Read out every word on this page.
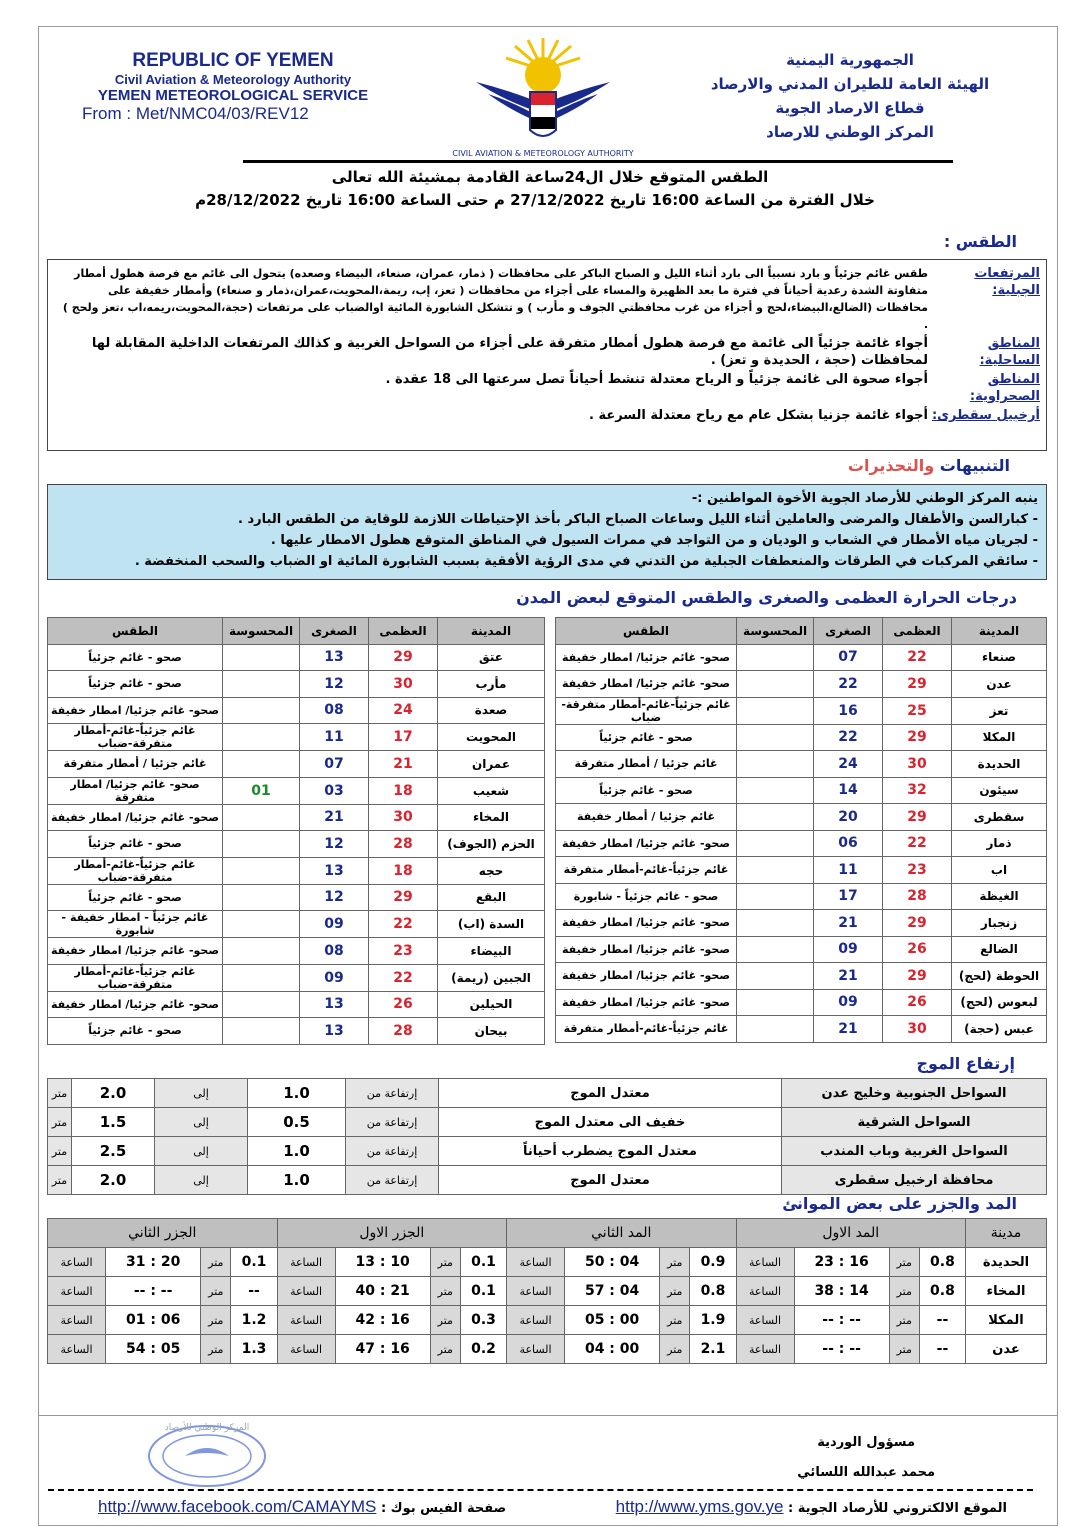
REPUBLIC OF YEMEN
Civil Aviation & Meteorology Authority
YEMEN METEOROLOGICAL SERVICE
From : Met/NMC04/03/REV12
CIVIL AVIATION & METEOROLOGY AUTHORITY
الجمهورية اليمنية
الهيئة العامة للطيران المدني والارصاد
قطاع الارصاد الجوية
المركز الوطني للارصاد
الطقس المتوقع خلال ال24ساعة القادمة بمشيئة الله تعالى
خلال الفترة من الساعة 16:00 تاريخ 27/12/2022 م حتى الساعة 16:00 تاريخ 28/12/2022م
الطقس :
المرتفعات الجبلية:
طقس غائم جزئياً و بارد نسبياً الى بارد أثناء الليل و الصباح الباكر على محافظات ( ذمار، عمران، صنعاء، البيضاء وصعده) يتحول الى غائم مع فرصة هطول أمطار متفاوتة الشدة رعدية أحياناً في فترة ما بعد الظهيرة والمساء على أجزاء من محافظات ( تعز، إب، ريمة،المحويت،عمران،ذمار و صنعاء) وأمطار خفيفة على محافظات (الضالع،البيضاء،لحج و أجزاء من غرب محافظتي الجوف و مأرب ) و تتشكل الشابورة المائية اوالضباب على مرتفعات (حجة،المحويت،ريمه،اب ،تعز ولحج ) .
المناطق الساحلية:
أجواء غائمة جزئياً الى غائمة مع فرصة هطول أمطار متفرقة على أجزاء من السواحل الغربية و كذالك المرتفعات الداخلية المقابلة لها لمحافظات (حجة ، الحديدة و تعز) .
المناطق الصحراوية:
أجواء صحوة الى غائمة جزئياً و الرياح معتدلة تنشط أحياناً تصل سرعتها الى 18 عقدة .
أرخبيل سقطرى:
أجواء غائمة جزنيا بشكل عام مع رياح معتدلة السرعة .
التنبيهات والتحذيرات
ينبه المركز الوطني للأرصاد الجوية الأخوة المواطنين :-
- كبارالسن والأطفال والمرضى والعاملين أثناء الليل وساعات الصباح الباكر بأخذ الإحتياطات اللازمة للوقاية من الطقس البارد .
- لجريان مياه الأمطار في الشعاب و الوديان و من التواجد في ممرات السيول في المناطق المتوقع هطول الامطار عليها .
- سائقي المركبات في الطرقات والمنعطفات الجبلية من التدني في مدى الرؤية الأفقية بسبب الشابورة المائية او الضباب والسحب المنخفضة .
درجات الحرارة العظمى والصغرى والطقس المتوقع لبعض المدن
المدينة	العظمى	الصغرى	المحسوسة	الطقس
صنعاء	22	07		صحو- غائم جزئيا/ امطار خفيفة
عدن	29	22		صحو- غائم جزئيا/ امطار خفيفة
تعز	25	16		غائم جزئياً-غائم-أمطار متفرقة-ضباب
المكلا	29	22		صحو - غائم جزئياً
الحديدة	30	24		غائم جزئيا / أمطار متفرقة
سيئون	32	14		صحو - غائم جزئياً
سقطرى	29	20		غائم جزئيا / أمطار خفيفة
ذمار	22	06		صحو- غائم جزئيا/ امطار خفيفة
اب	23	11		غائم جزئياً-غائم-أمطار متفرقة
الغيظة	28	17		صحو - غائم جزئياً - شابورة
زنجبار	29	21		صحو- غائم جزئيا/ امطار خفيفة
الضالع	26	09		صحو- غائم جزئيا/ امطار خفيفة
الحوطة (لحج)	29	21		صحو- غائم جزئيا/ امطار خفيفة
لبعوس (لحج)	26	09		صحو- غائم جزئيا/ امطار خفيفة
عبس (حجة)	30	21		غائم جزئياً-غائم-أمطار متفرقة
المدينة	العظمى	الصغرى	المحسوسة	الطقس
عتق	29	13		صحو - غائم جزئياً
مأرب	30	12		صحو - غائم جزئياً
صعدة	24	08		صحو- غائم جزئيا/ امطار خفيفة
المحويت	17	11		غائم جزئياً-غائم-أمطار متفرقة-ضباب
عمران	21	07		غائم جزئيا / أمطار متفرقة
شعيب	18	03	01	صحو- غائم جزئيا/ امطار متفرقة
المخاء	30	21		صحو- غائم جزئيا/ امطار خفيفة
الحزم (الجوف)	28	12		صحو - غائم جزئياً
حجه	18	13		غائم جزئياً-غائم-أمطار متفرقة-ضباب
البقع	29	12		صحو - غائم جزئياً
السدة (اب)	22	09		غائم جزئياً - امطار خفيفة - شابورة
البيضاء	23	08		صحو- غائم جزئيا/ امطار خفيفة
الجبين (ريمة)	22	09		غائم جزئياً-غائم-أمطار متفرقة-ضباب
الحيلين	26	13		صحو- غائم جزئيا/ امطار خفيفة
بيحان	28	13		صحو - غائم جزئياً
إرتفاع الموج
السواحل الجنوبية وخليج عدن	معتدل الموج	إرتفاعة من	1.0	إلى	2.0	متر
السواحل الشرقية	خفيف الى معتدل الموج	إرتفاعة من	0.5	إلى	1.5	متر
السواحل الغربية وباب المندب	معتدل الموج يضطرب أحياناً	إرتفاعة من	1.0	إلى	2.5	متر
محافظة ارخبيل سقطرى	معتدل الموج	إرتفاعة من	1.0	إلى	2.0	متر
المد والجزر على بعض الموانئ
مدينة	المد الاول				المد الثاني				الجزر الاول				الجزر الثاني			
الحديدة	0.8	متر	16 : 23	الساعة	0.9	متر	04 : 50	الساعة	0.1	متر	10 : 13	الساعة	0.1	متر	20 : 31	الساعة
المخاء	0.8	متر	14 : 38	الساعة	0.8	متر	04 : 57	الساعة	0.1	متر	21 : 40	الساعة	--	متر	-- : --	الساعة
المكلا	--	متر	-- : --	الساعة	1.9	متر	00 : 05	الساعة	0.3	متر	16 : 42	الساعة	1.2	متر	06 : 01	الساعة
عدن	--	متر	-- : --	الساعة	2.1	متر	00 : 04	الساعة	0.2	متر	16 : 47	الساعة	1.3	متر	05 : 54	الساعة
المركز الوطني للأرصاد
مسؤول الوردية
محمد عبدالله اللسائي
الموقع الالكتروني للأرصاد الجوية : http://www.yms.gov.ye
صفحة الفيس بوك : http://www.facebook.com/CAMAYMS
